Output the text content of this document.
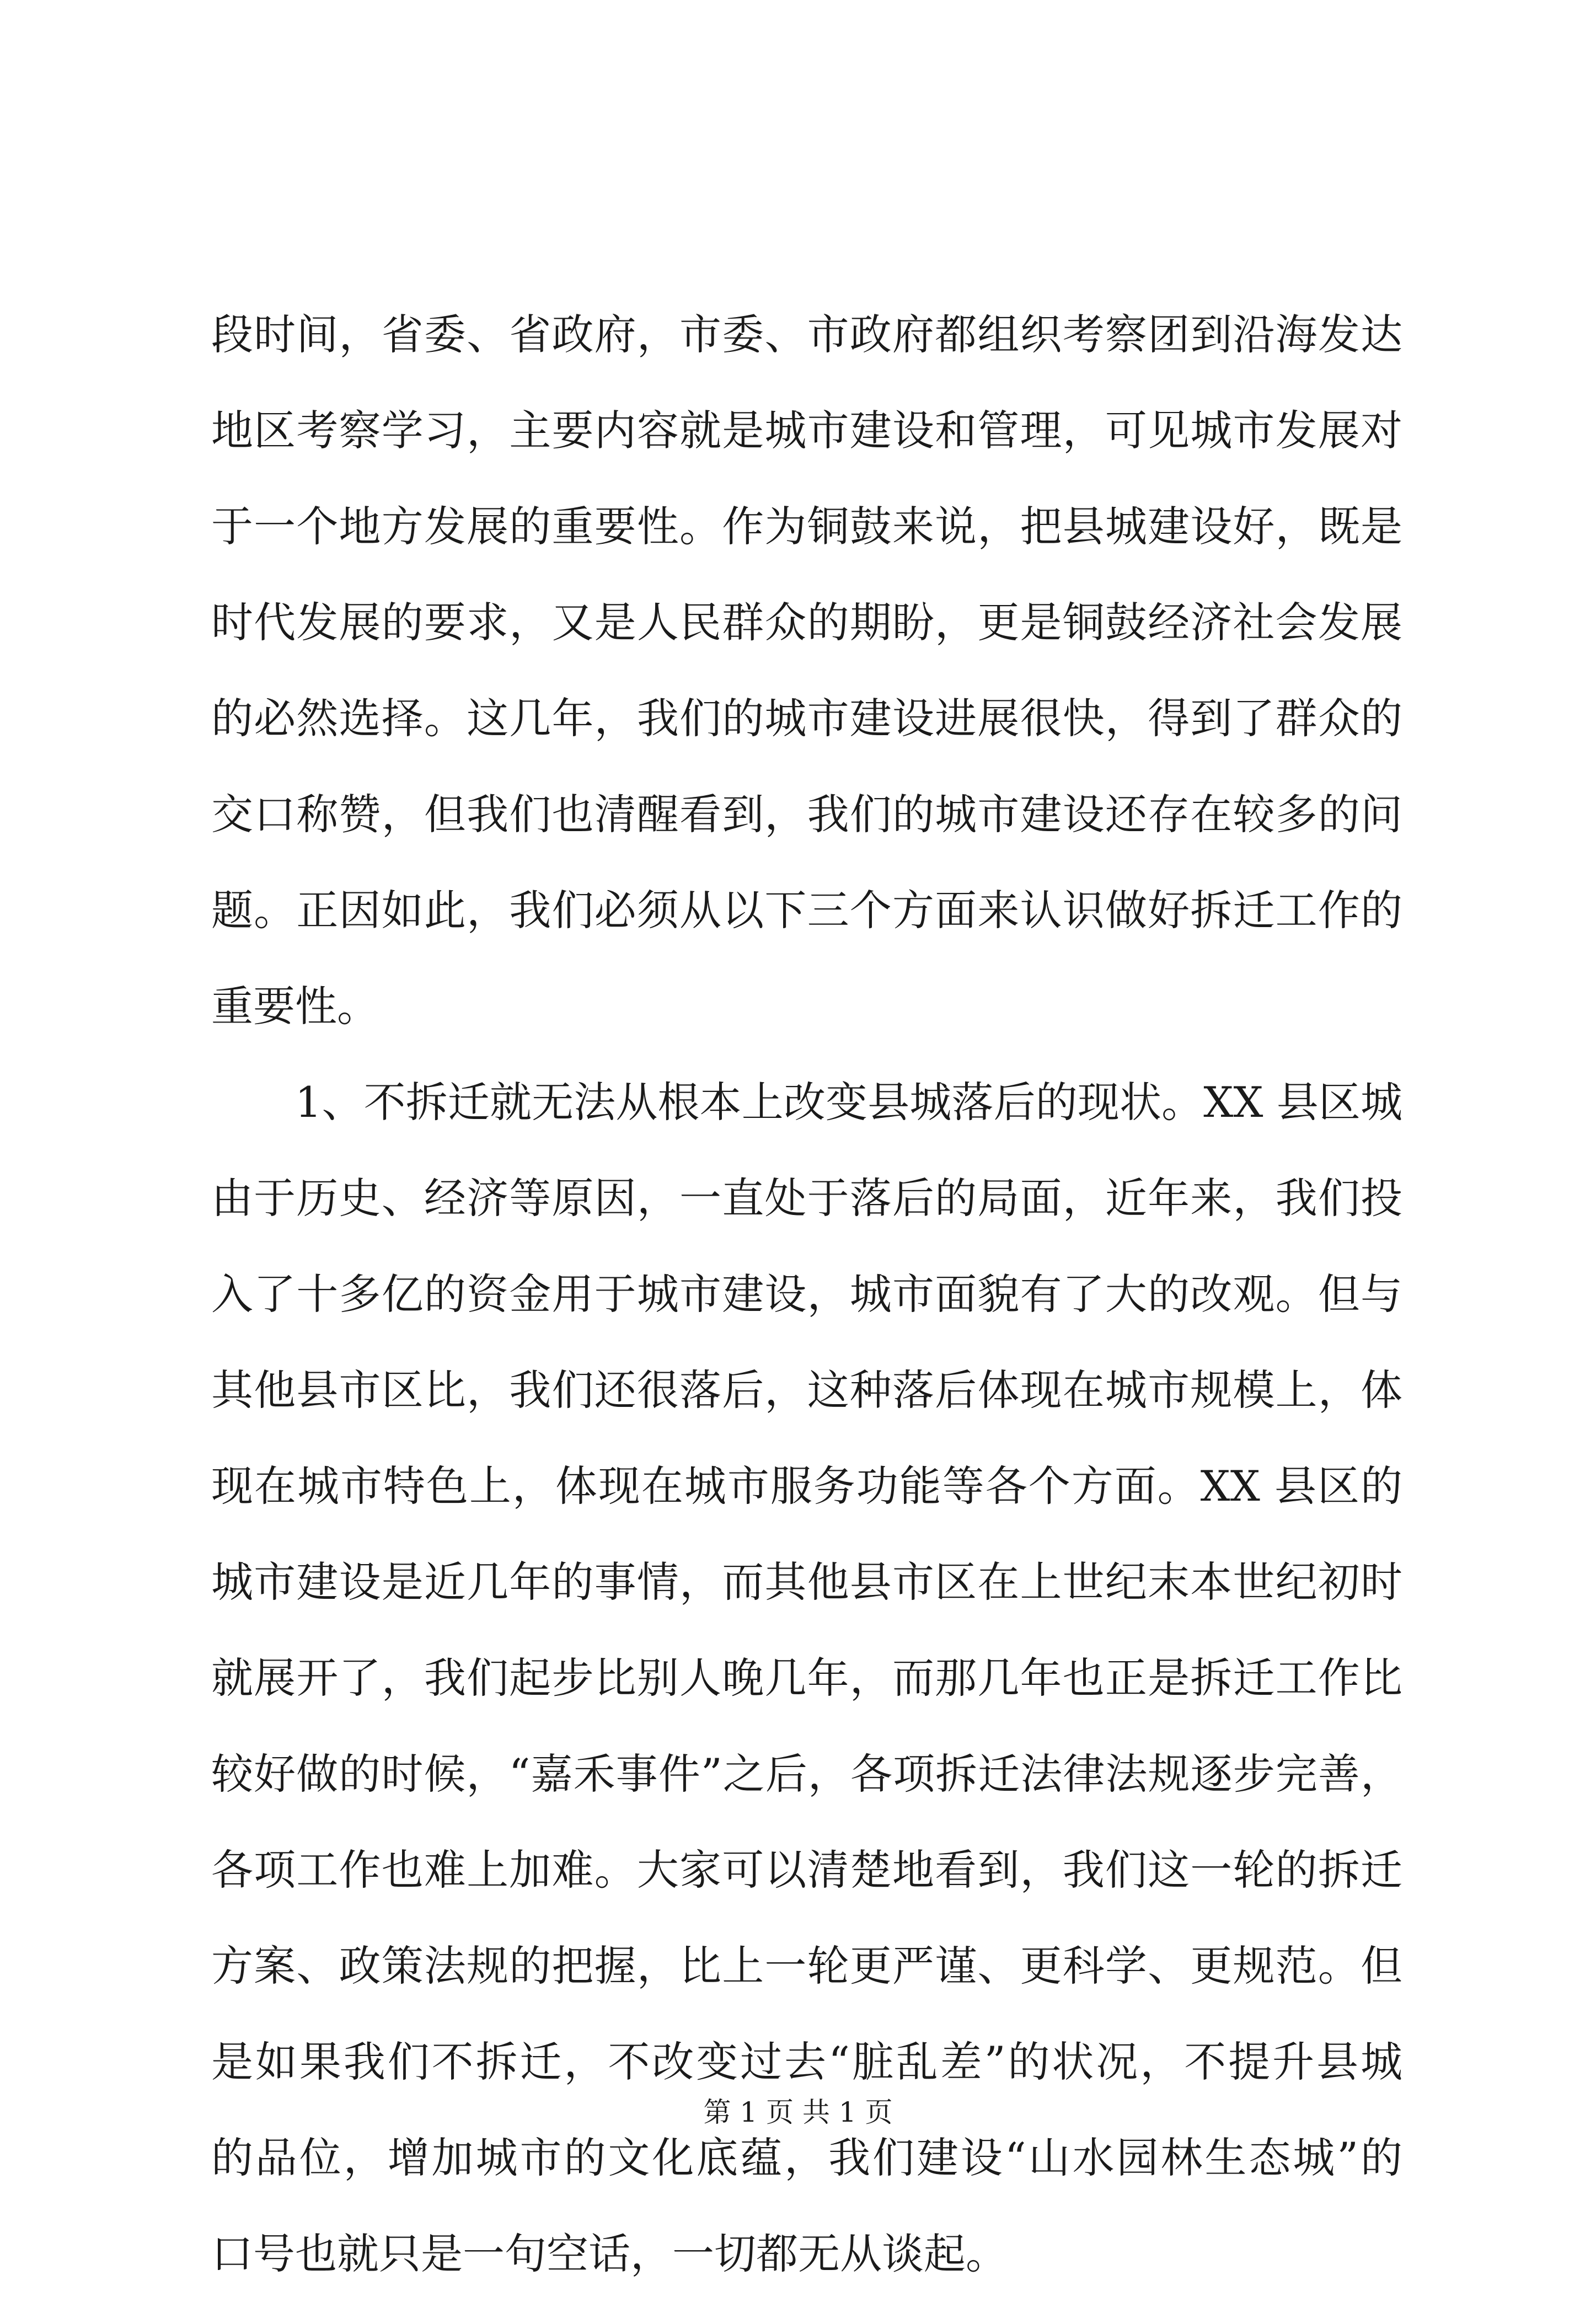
段时间，省委、省政府，市委、市政府都组织考察团到沿海发达
地区考察学习，主要内容就是城市建设和管理，可见城市发展对
于一个地方发展的重要性。作为铜鼓来说，把县城建设好，既是
时代发展的要求，又是人民群众的期盼，更是铜鼓经济社会发展
的必然选择。这几年，我们的城市建设进展很快，得到了群众的
交口称赞，但我们也清醒看到，我们的城市建设还存在较多的问
题。正因如此，我们必须从以下三个方面来认识做好拆迁工作的
重要性。
1、不拆迁就无法从根本上改变县城落后的现状。XX 县区城
由于历史、经济等原因，一直处于落后的局面，近年来，我们投
入了十多亿的资金用于城市建设，城市面貌有了大的改观。但与
其他县市区比，我们还很落后，这种落后体现在城市规模上，体
现在城市特色上，体现在城市服务功能等各个方面。XX 县区的
城市建设是近几年的事情，而其他县市区在上世纪末本世纪初时
就展开了，我们起步比别人晚几年，而那几年也正是拆迁工作比
较好做的时候，“嘉禾事件”之后，各项拆迁法律法规逐步完善，
各项工作也难上加难。大家可以清楚地看到，我们这一轮的拆迁
方案、政策法规的把握，比上一轮更严谨、更科学、更规范。但
是如果我们不拆迁，不改变过去“脏乱差”的状况，不提升县城
的品位，增加城市的文化底蕴，我们建设“山水园林生态城”的
口号也就只是一句空话，一切都无从谈起。
第 1 页 共 1 页
